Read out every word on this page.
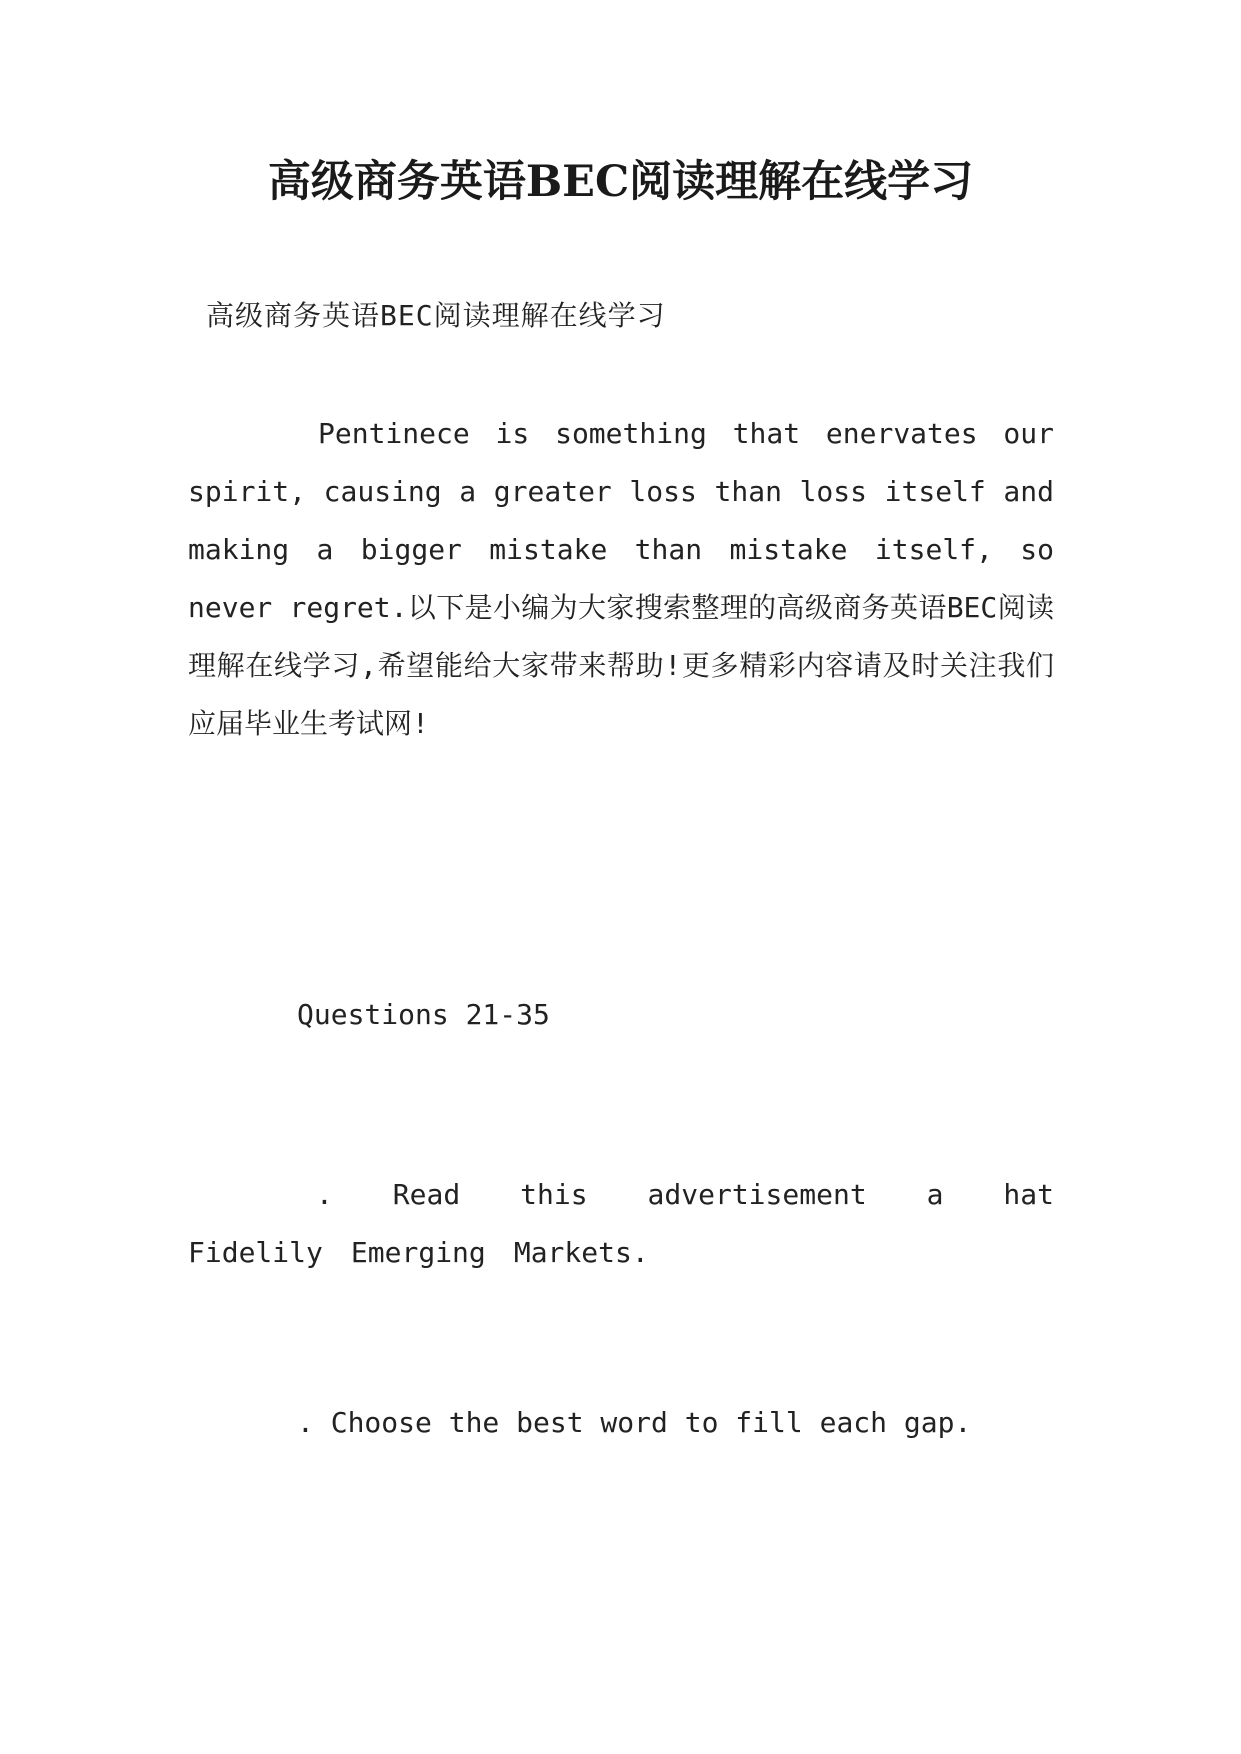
高级商务英语BEC阅读理解在线学习
高级商务英语BEC阅读理解在线学习

Pentinece is something that enervates our spirit, causing a greater loss than loss itself and making a bigger mistake than mistake itself, so never regret.以下是小编为大家搜索整理的高级商务英语BEC阅读理解在线学习,希望能给大家带来帮助!更多精彩内容请及时关注我们应届毕业生考试网!

Questions 21-35

. Read this advertisement a hat Fidelily Emerging Markets.

. Choose the best word to fill each gap.
